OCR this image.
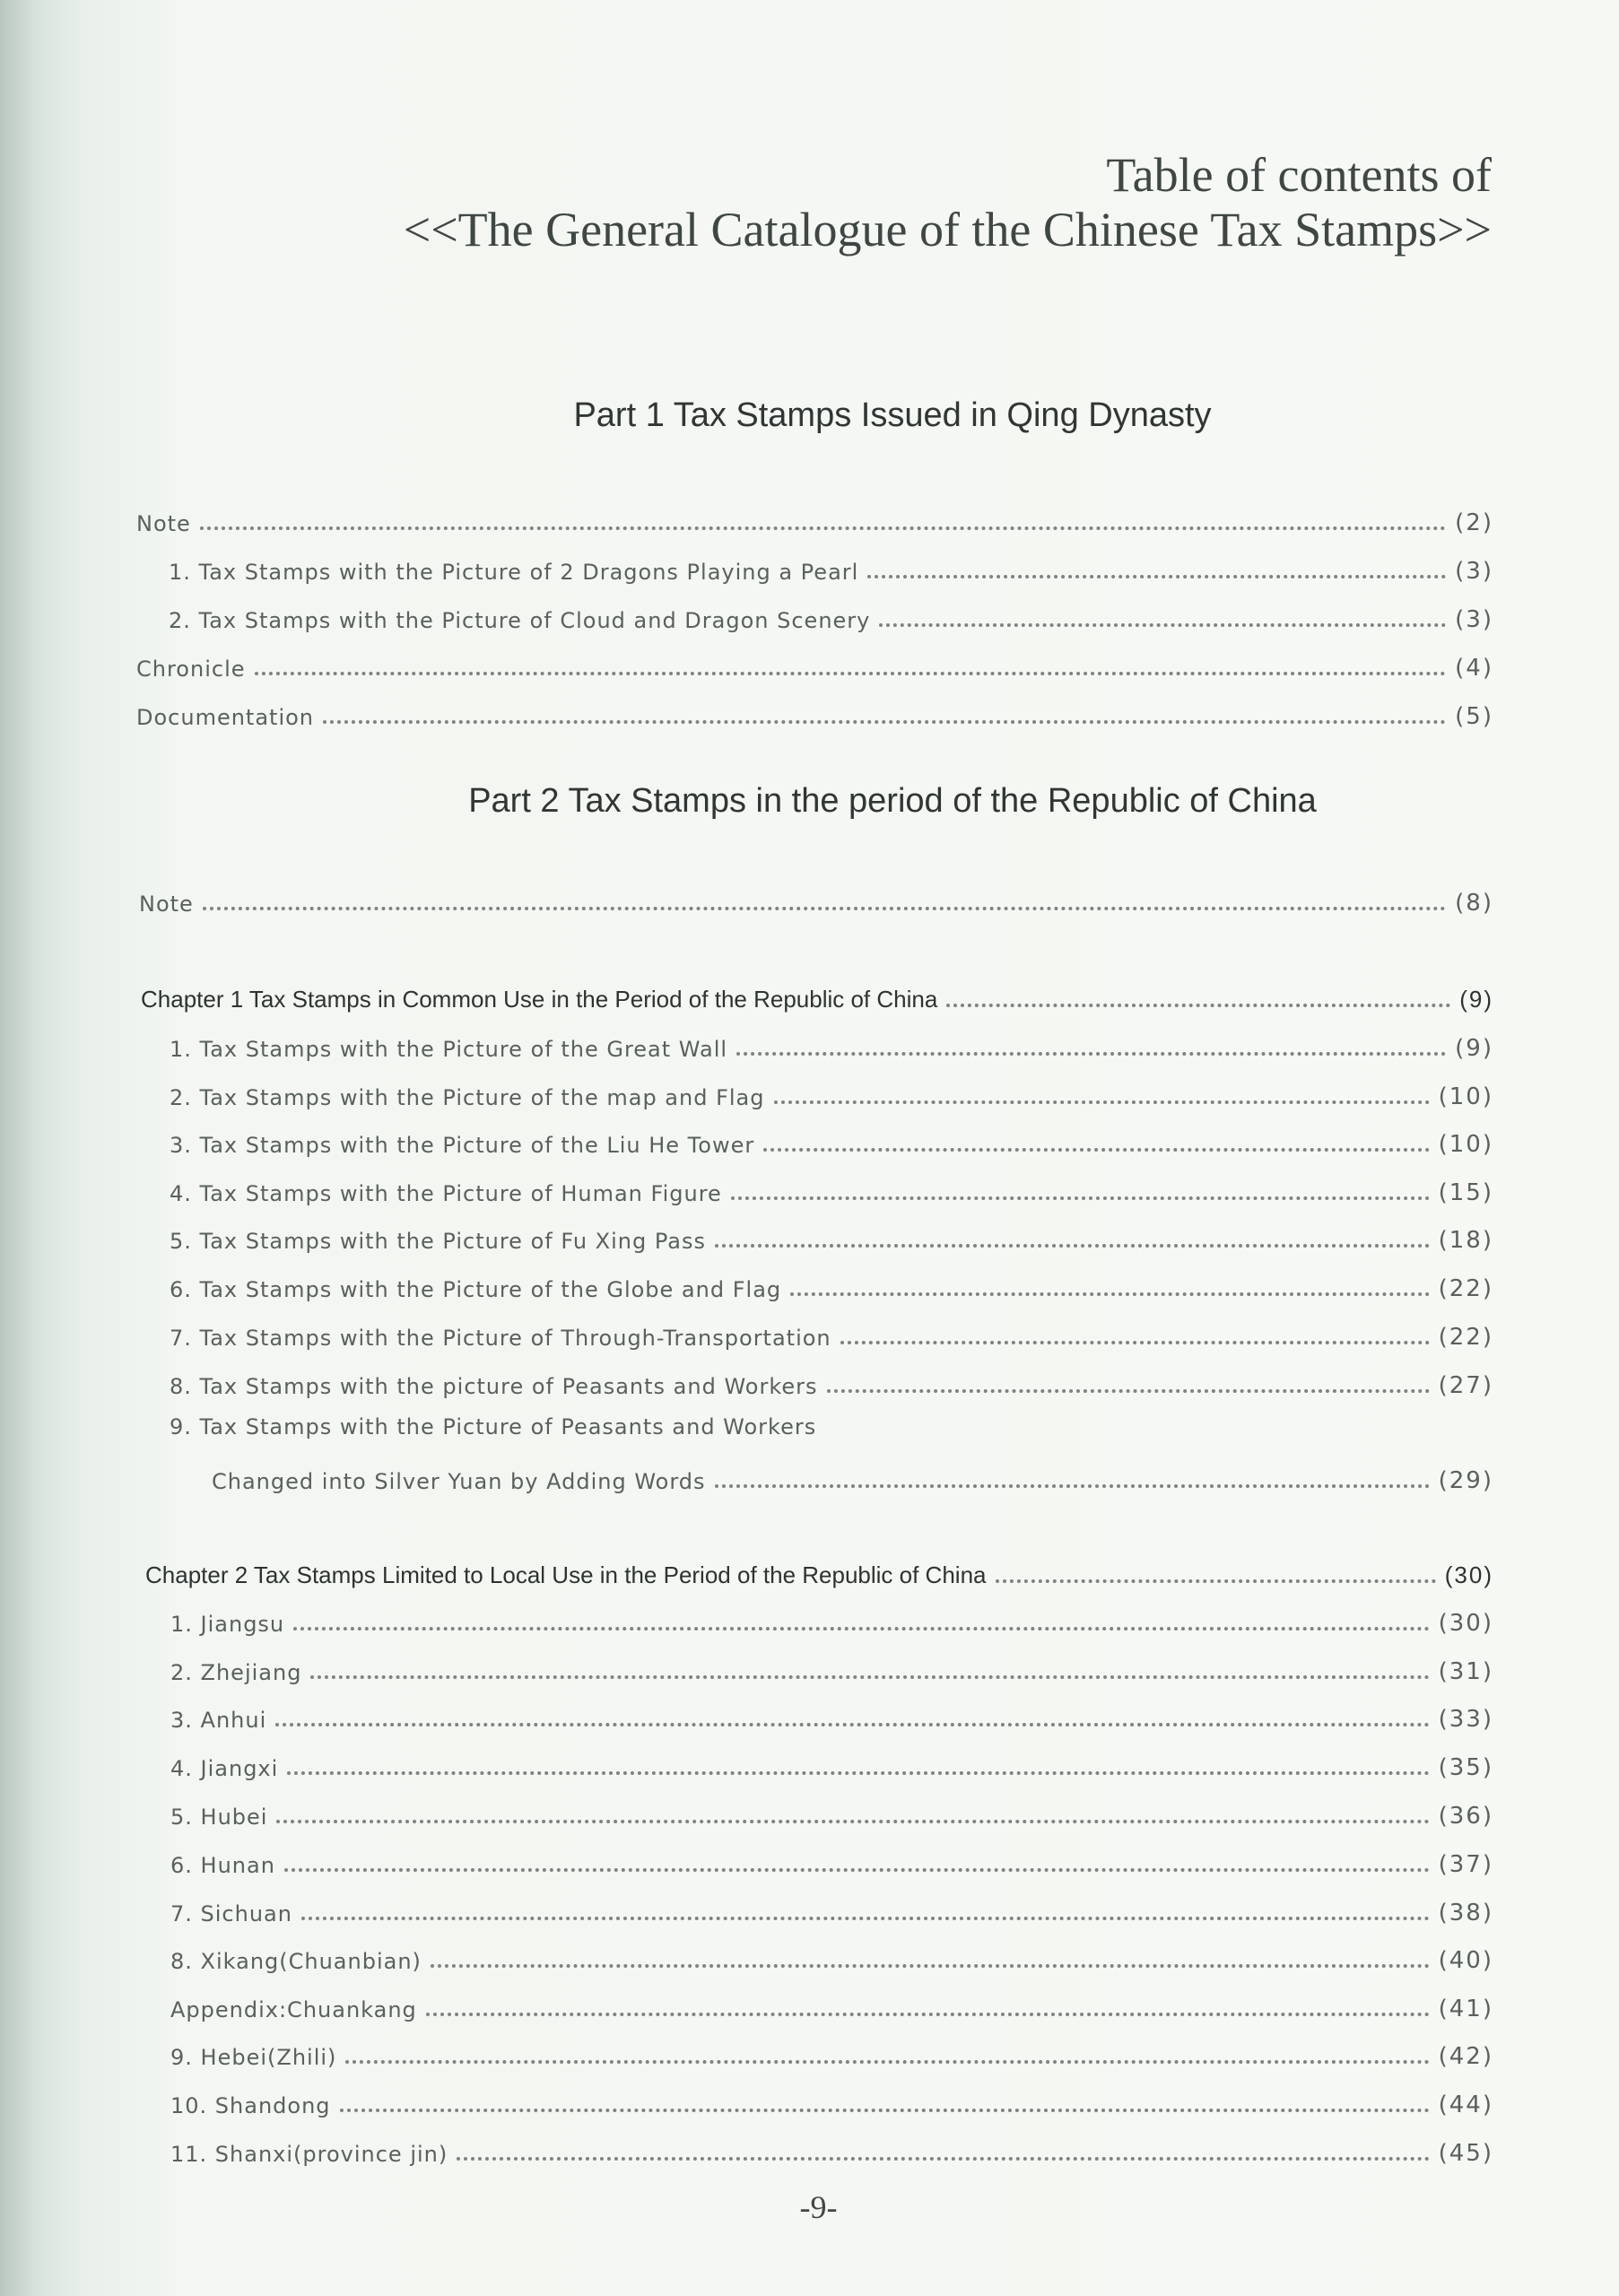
Table of contents of
<<The General Catalogue of the Chinese Tax Stamps>>
Part 1 Tax Stamps Issued in Qing Dynasty
Note	(2)
1. Tax Stamps with the Picture of 2 Dragons Playing a Pearl	(3)
2. Tax Stamps with the Picture of Cloud and Dragon Scenery	(3)
Chronicle	(4)
Documentation	(5)
Part 2 Tax Stamps in the period of the Republic of China
Note	(8)
Chapter 1 Tax Stamps in Common Use in the Period of the Republic of China	(9)
1. Tax Stamps with the Picture of the Great Wall	(9)
2. Tax Stamps with the Picture of the map and Flag	(10)
3. Tax Stamps with the Picture of the Liu He Tower	(10)
4. Tax Stamps with the Picture of Human Figure	(15)
5. Tax Stamps with the Picture of Fu Xing Pass	(18)
6. Tax Stamps with the Picture of the Globe and Flag	(22)
7. Tax Stamps with the Picture of Through-Transportation	(22)
8. Tax Stamps with the picture of Peasants and Workers	(27)
9. Tax Stamps with the Picture of Peasants and Workers
Changed into Silver Yuan by Adding Words	(29)
Chapter 2 Tax Stamps Limited to Local Use in the Period of the Republic of China	(30)
1. Jiangsu	(30)
2. Zhejiang	(31)
3. Anhui	(33)
4. Jiangxi	(35)
5. Hubei	(36)
6. Hunan	(37)
7. Sichuan	(38)
8. Xikang(Chuanbian)	(40)
Appendix:Chuankang	(41)
9. Hebei(Zhili)	(42)
10. Shandong	(44)
11. Shanxi(province jin)	(45)
-9-
